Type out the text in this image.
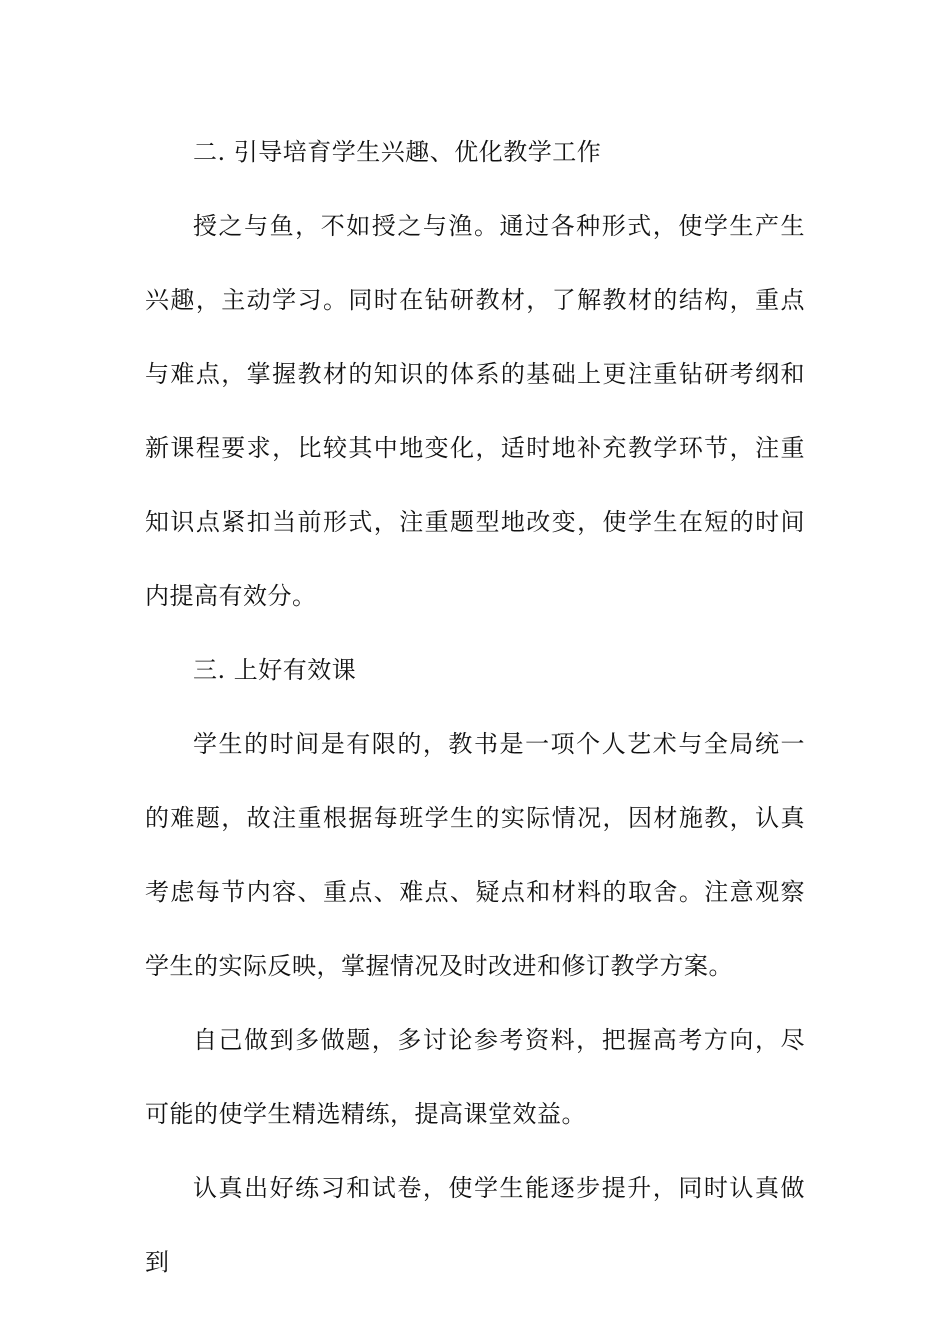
二. 引导培育学生兴趣、优化教学工作

授之与鱼，不如授之与渔。通过各种形式，使学生产生兴趣，主动学习。同时在钻研教材，了解教材的结构，重点与难点，掌握教材的知识的体系的基础上更注重钻研考纲和新课程要求，比较其中地变化，适时地补充教学环节，注重知识点紧扣当前形式，注重题型地改变，使学生在短的时间内提高有效分。

三. 上好有效课

学生的时间是有限的，教书是一项个人艺术与全局统一的难题，故注重根据每班学生的实际情况，因材施教，认真考虑每节内容、重点、难点、疑点和材料的取舍。注意观察学生的实际反映，掌握情况及时改进和修订教学方案。

自己做到多做题，多讨论参考资料，把握高考方向，尽可能的使学生精选精练，提高课堂效益。

认真出好练习和试卷，使学生能逐步提升，同时认真做到
